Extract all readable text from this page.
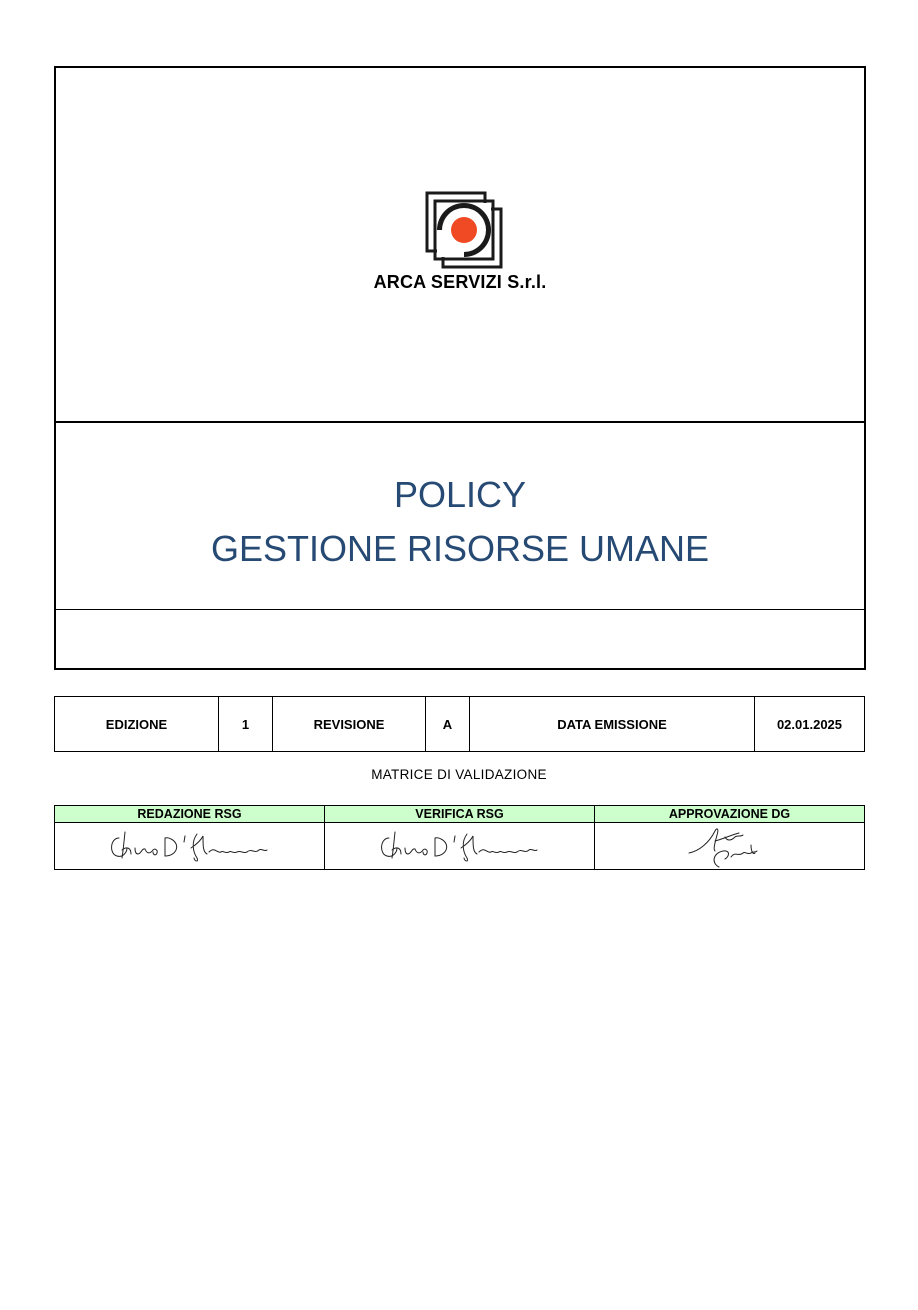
ARCA SERVIZI S.r.l.
POLICY
GESTIONE RISORSE UMANE
EDIZIONE	1	REVISIONE	A	DATA EMISSIONE	02.01.2025
MATRICE DI VALIDAZIONE
REDAZIONE RSG	VERIFICA RSG	APPROVAZIONE DG
